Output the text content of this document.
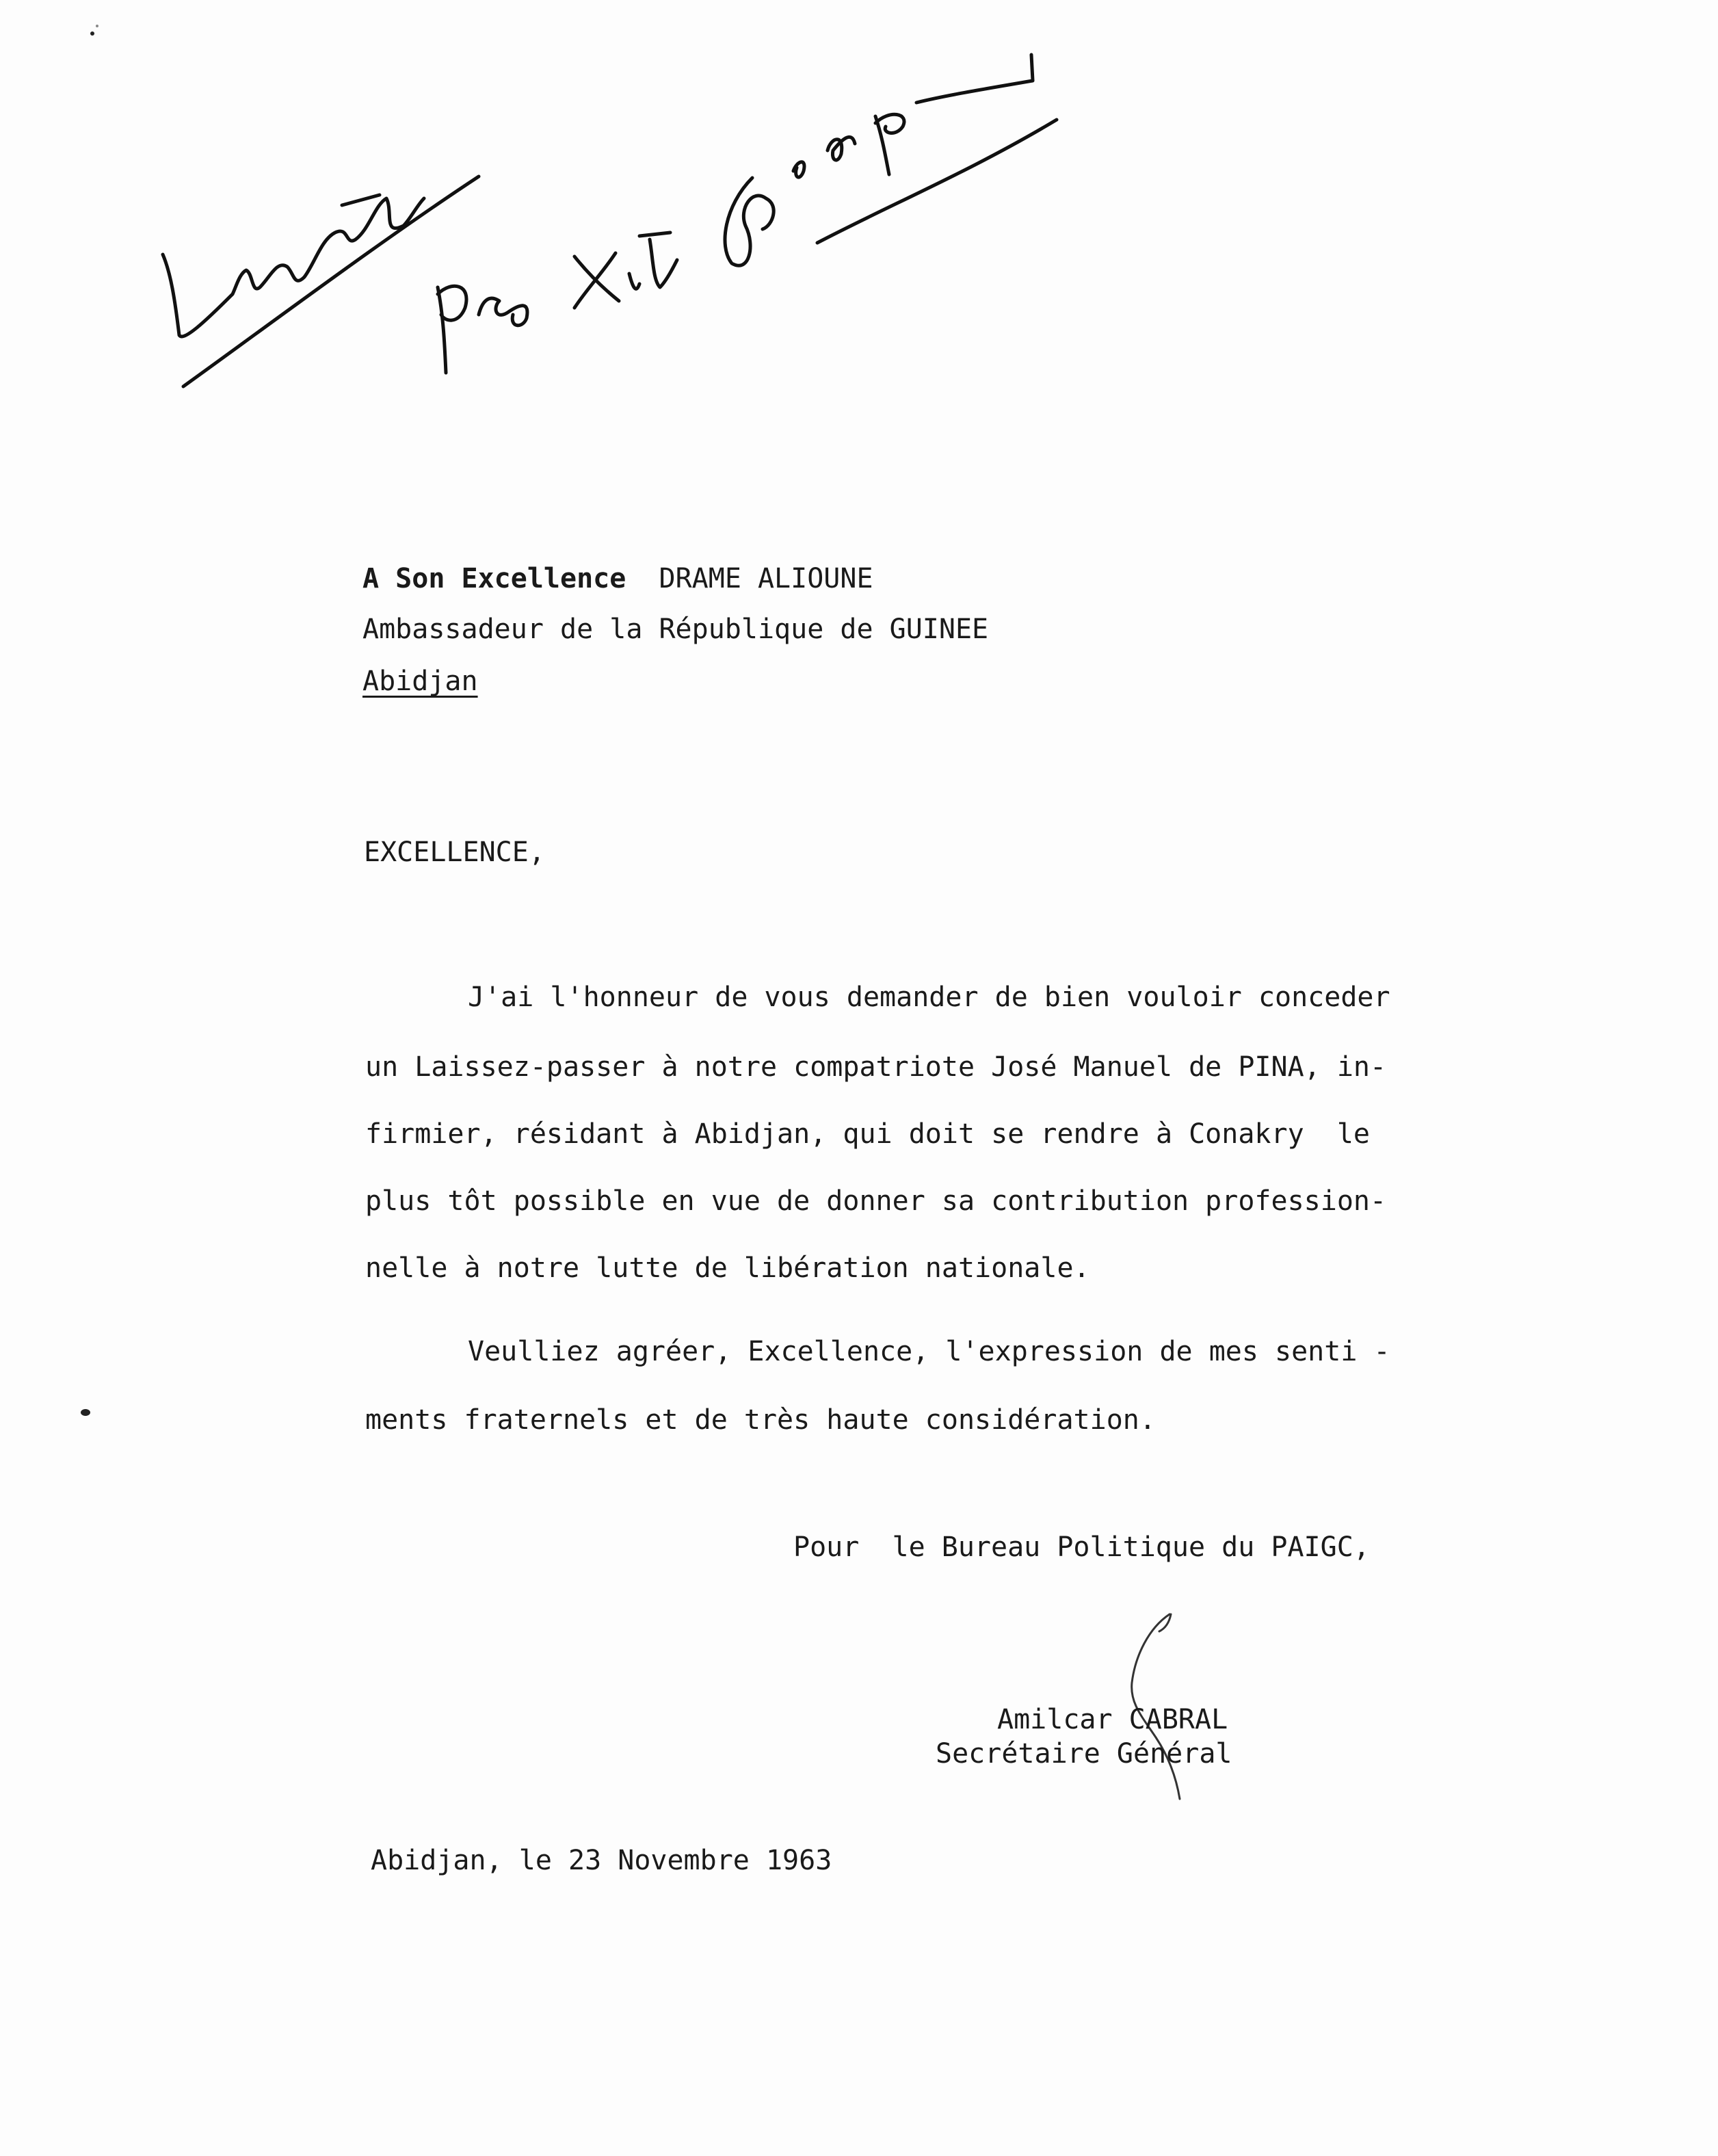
A Son Excellence DRAME ALIOUNE
Ambassadeur de la République de GUINEE
Abidjan
EXCELLENCE,
J'ai l'honneur de vous demander de bien vouloir conceder
un Laissez-passer à notre compatriote José Manuel de PINA, in-
firmier, résidant à Abidjan, qui doit se rendre à Conakry  le
plus tôt possible en vue de donner sa contribution profession-
nelle à notre lutte de libération nationale.
Veulliez agréer, Excellence, l'expression de mes senti -
ments fraternels et de très haute considération.
Pour  le Bureau Politique du PAIGC,
Amilcar CABRAL
Secrétaire Général
Abidjan, le 23 Novembre 1963
